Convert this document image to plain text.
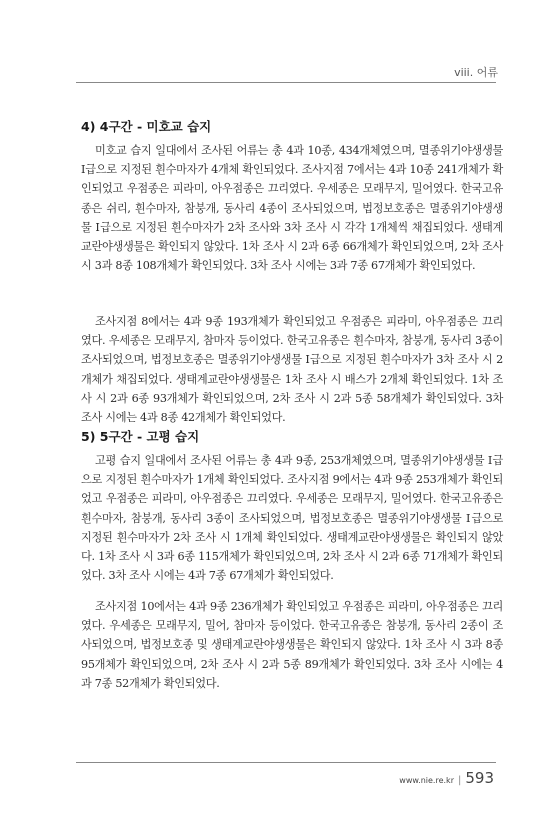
viii. 어류
4) 4구간 - 미호교 습지

미호교 습지 일대에서 조사된 어류는 총 4과 10종, 434개체였으며, 멸종위기야생생물 Ⅰ급으로 지정된 흰수마자가 4개체 확인되었다. 조사지점 7에서는 4과 10종 241개체가 확인되었고 우점종은 피라미, 아우점종은 끄리였다. 우세종은 모래무지, 밀어였다. 한국고유종은 쉬리, 흰수마자, 참붕개, 동사리 4종이 조사되었으며, 법정보호종은 멸종위기야생생물 Ⅰ급으로 지정된 흰수마자가 2차 조사와 3차 조사 시 각각 1개체씩 채집되었다. 생태계교란야생생물은 확인되지 않았다. 1차 조사 시 2과 6종 66개체가 확인되었으며, 2차 조사 시 3과 8종 108개체가 확인되었다. 3차 조사 시에는 3과 7종 67개체가 확인되었다.

조사지점 8에서는 4과 9종 193개체가 확인되었고 우점종은 피라미, 아우점종은 끄리였다. 우세종은 모래무지, 참마자 등이었다. 한국고유종은 흰수마자, 참붕개, 동사리 3종이 조사되었으며, 법정보호종은 멸종위기야생생물 Ⅰ급으로 지정된 흰수마자가 3차 조사 시 2개체가 채집되었다. 생태계교란야생생물은 1차 조사 시 배스가 2개체 확인되었다. 1차 조사 시 2과 6종 93개체가 확인되었으며, 2차 조사 시 2과 5종 58개체가 확인되었다. 3차 조사 시에는 4과 8종 42개체가 확인되었다.

5) 5구간 - 고평 습지

고평 습지 일대에서 조사된 어류는 총 4과 9종, 253개체였으며, 멸종위기야생생물 Ⅰ급으로 지정된 흰수마자가 1개체 확인되었다. 조사지점 9에서는 4과 9종 253개체가 확인되었고 우점종은 피라미, 아우점종은 끄리였다. 우세종은 모래무지, 밀어였다. 한국고유종은 흰수마자, 참붕개, 동사리 3종이 조사되었으며, 법정보호종은 멸종위기야생생물 Ⅰ급으로 지정된 흰수마자가 2차 조사 시 1개체 확인되었다. 생태계교란야생생물은 확인되지 않았다. 1차 조사 시 3과 6종 115개체가 확인되었으며, 2차 조사 시 2과 6종 71개체가 확인되었다. 3차 조사 시에는 4과 7종 67개체가 확인되었다.

조사지점 10에서는 4과 9종 236개체가 확인되었고 우점종은 피라미, 아우점종은 끄리였다. 우세종은 모래무지, 밀어, 참마자 등이었다. 한국고유종은 참붕개, 동사리 2종이 조사되었으며, 법정보호종 및 생태계교란야생생물은 확인되지 않았다. 1차 조사 시 3과 8종 95개체가 확인되었으며, 2차 조사 시 2과 5종 89개체가 확인되었다. 3차 조사 시에는 4과 7종 52개체가 확인되었다.

www.nie.re.kr | 593
